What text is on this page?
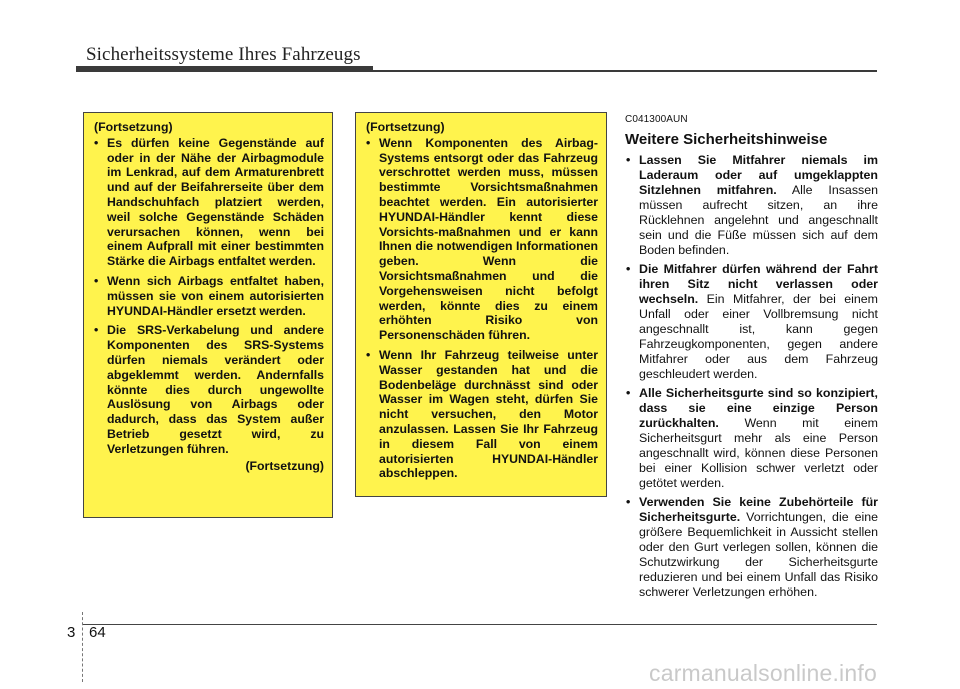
Sicherheitssysteme Ihres Fahrzeugs
(Fortsetzung)
• Es dürfen keine Gegenstände auf oder in der Nähe der Airbagmodule im Lenkrad, auf dem Armaturenbrett und auf der Beifahrerseite über dem Handschuhfach platziert werden, weil solche Gegenstände Schäden verursachen können, wenn bei einem Aufprall mit einer bestimmten Stärke die Airbags entfaltet werden.
• Wenn sich Airbags entfaltet haben, müssen sie von einem autorisierten HYUNDAI-Händler ersetzt werden.
• Die SRS-Verkabelung und andere Komponenten des SRS-Systems dürfen niemals verändert oder abgeklemmt werden. Andernfalls könnte dies durch ungewollte Auslösung von Airbags oder dadurch, dass das System außer Betrieb gesetzt wird, zu Verletzungen führen.
(Fortsetzung)
(Fortsetzung)
• Wenn Komponenten des Airbag-Systems entsorgt oder das Fahrzeug verschrottet werden muss, müssen bestimmte Vorsichtsmaßnahmen beachtet werden. Ein autorisierter HYUNDAI-Händler kennt diese Vorsichts-maßnahmen und er kann Ihnen die notwendigen Informationen geben. Wenn die Vorsichtsmaßnahmen und die Vorgehensweisen nicht befolgt werden, könnte dies zu einem erhöhten Risiko von Personenschäden führen.
• Wenn Ihr Fahrzeug teilweise unter Wasser gestanden hat und die Bodenbeläge durchnässt sind oder Wasser im Wagen steht, dürfen Sie nicht versuchen, den Motor anzulassen. Lassen Sie Ihr Fahrzeug in diesem Fall von einem autorisierten HYUNDAI-Händler abschleppen.
C041300AUN
Weitere Sicherheitshinweise
• Lassen Sie Mitfahrer niemals im Laderaum oder auf umgeklappten Sitzlehnen mitfahren. Alle Insassen müssen aufrecht sitzen, an ihre Rücklehnen angelehnt und angeschnallt sein und die Füße müssen sich auf dem Boden befinden.
• Die Mitfahrer dürfen während der Fahrt ihren Sitz nicht verlassen oder wechseln. Ein Mitfahrer, der bei einem Unfall oder einer Vollbremsung nicht angeschnallt ist, kann gegen Fahrzeugkomponenten, gegen andere Mitfahrer oder aus dem Fahrzeug geschleudert werden.
• Alle Sicherheitsgurte sind so konzipiert, dass sie eine einzige Person zurückhalten. Wenn mit einem Sicherheitsgurt mehr als eine Person angeschnallt wird, können diese Personen bei einer Kollision schwer verletzt oder getötet werden.
• Verwenden Sie keine Zubehörteile für Sicherheitsgurte. Vorrichtungen, die eine größere Bequemlichkeit in Aussicht stellen oder den Gurt verlegen sollen, können die Schutzwirkung der Sicherheitsgurte reduzieren und bei einem Unfall das Risiko schwerer Verletzungen erhöhen.
3 64
carmanualsonline.info
